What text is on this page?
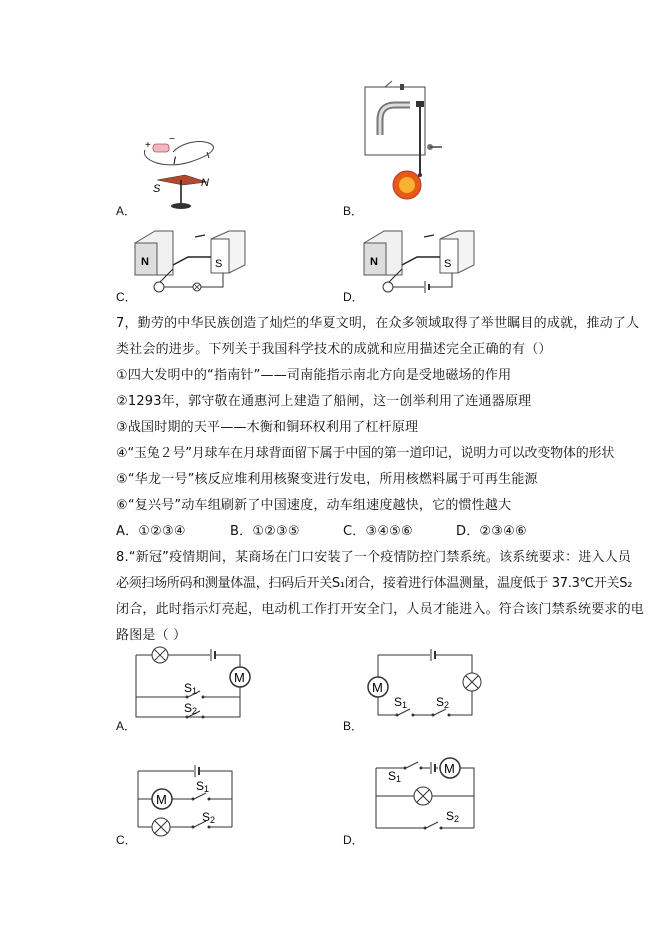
+
−
I
N
S
A．	B．
N	S
C．
N	S
D．
7，勤劳的中华民族创造了灿烂的华夏文明，在众多领域取得了举世瞩目的成就，推动了人
类社会的进步。下列关于我国科学技术的成就和应用描述完全正确的有（）
①四大发明中的“指南针”——司南能指示南北方向是受地磁场的作用
②1293年，郭守敬在通惠河上建造了船闸，这一创举利用了连通器原理
③战国时期的天平——木衡和铜环权利用了杠杆原理
④“玉兔２号”月球车在月球背面留下属于中国的第一道印记，说明力可以改变物体的形状
⑤“华龙一号”核反应堆利用核聚变进行发电，所用核燃料属于可再生能源
⑥“复兴号”动车组刷新了中国速度，动车组速度越快，它的惯性越大
A．①②③④	B．①②③⑤	C．③④⑤⑥	D．②③④⑥
8.“新冠”疫情期间，某商场在门口安装了一个疫情防控门禁系统。该系统要求：进入人员
必须扫场所码和测量体温，扫码后开关S₁闭合，接着进行体温测量，温度低于 37.3℃开关S₂
闭合，此时指示灯亮起，电动机工作打开安全门，人员才能进入。符合该门禁系统要求的电
路图是（ ）
M
S 1
S 2
A．
M
S 1 S 2
B．
M
S 1
S 2
C．
S 1
M
S 2
D．
